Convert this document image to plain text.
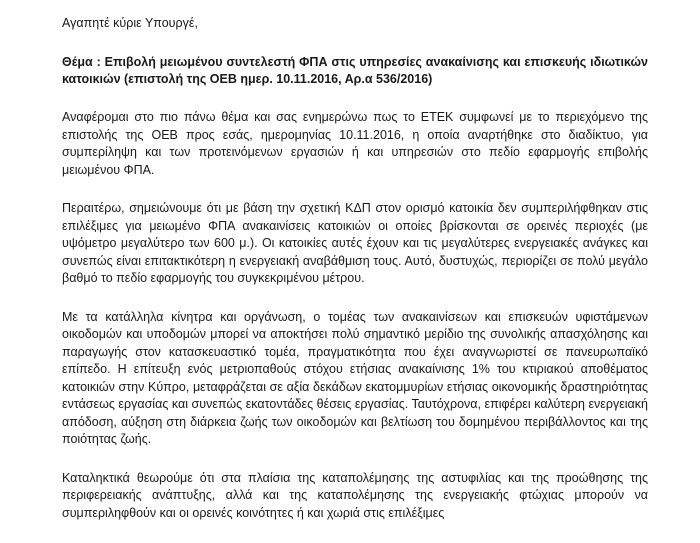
Αγαπητέ κύριε Υπουργέ,
Θέμα : Επιβολή μειωμένου συντελεστή ΦΠΑ στις υπηρεσίες ανακαίνισης και επισκευής ιδιωτικών κατοικιών (επιστολή της ΟΕΒ ημερ. 10.11.2016, Αρ.α 536/2016)
Αναφέρομαι στο πιο πάνω θέμα και σας ενημερώνω πως το ΕΤΕΚ συμφωνεί με το περιεχόμενο της επιστολής της ΟΕΒ προς εσάς, ημερομηνίας 10.11.2016, η οποία αναρτήθηκε στο διαδίκτυο, για συμπερίληψη και των προτεινόμενων εργασιών ή και υπηρεσιών στο πεδίο εφαρμογής επιβολής μειωμένου ΦΠΑ.
Περαιτέρω, σημειώνουμε ότι με βάση την σχετική ΚΔΠ στον ορισμό κατοικία δεν συμπεριλήφθηκαν στις επιλέξιμες για μειωμένο ΦΠΑ ανακαινίσεις κατοικιών οι οποίες βρίσκονται σε ορεινές περιοχές (με υψόμετρο μεγαλύτερο των 600 μ.). Οι κατοικίες αυτές έχουν και τις μεγαλύτερες ενεργειακές ανάγκες και συνεπώς είναι επιτακτικότερη η ενεργειακή αναβάθμιση τους. Αυτό, δυστυχώς, περιορίζει σε πολύ μεγάλο βαθμό το πεδίο εφαρμογής του συγκεκριμένου μέτρου.
Με τα κατάλληλα κίνητρα και οργάνωση, ο τομέας των ανακαινίσεων και επισκευών υφιστάμενων οικοδομών και υποδομών μπορεί να αποκτήσει πολύ σημαντικό μερίδιο της συνολικής απασχόλησης και παραγωγής στον κατασκευαστικό τομέα, πραγματικότητα που έχει αναγνωριστεί σε πανευρωπαϊκό επίπεδο. Η επίτευξη ενός μετριοπαθούς στόχου ετήσιας ανακαίνισης 1% του κτιριακού αποθέματος κατοικιών στην Κύπρο, μεταφράζεται σε αξία δεκάδων εκατομμυρίων ετήσιας οικονομικής δραστηριότητας εντάσεως εργασίας και συνεπώς εκατοντάδες θέσεις εργασίας. Ταυτόχρονα, επιφέρει καλύτερη ενεργειακή απόδοση, αύξηση στη διάρκεια ζωής των οικοδομών και βελτίωση του δομημένου περιβάλλοντος και της ποιότητας ζωής.
Καταληκτικά θεωρούμε ότι στα πλαίσια της καταπολέμησης της αστυφιλίας και της προώθησης της περιφερειακής ανάπτυξης, αλλά και της καταπολέμησης της ενεργειακής φτώχιας μπορούν να συμπεριληφθούν και οι ορεινές κοινότητες ή και χωριά στις επιλέξιμες
